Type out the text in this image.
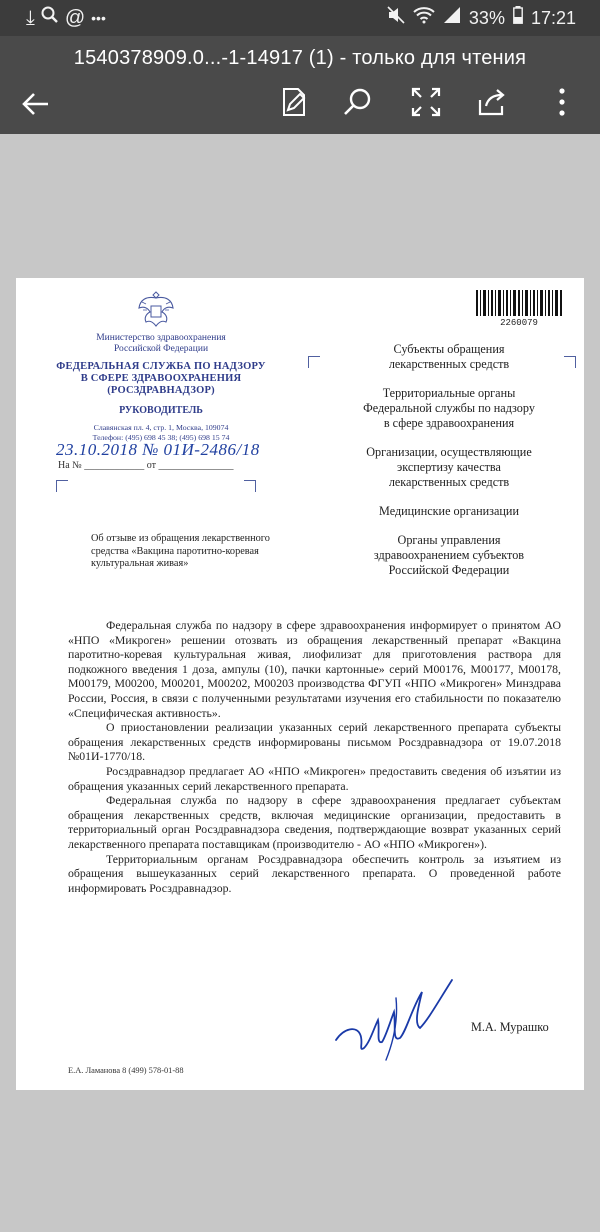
⤓ @ •••	33% 17:21
1540378909.0...-1-14917 (1) - только для чтения
Министерство здравоохранения
Российской Федерации
ФЕДЕРАЛЬНАЯ СЛУЖБА ПО НАДЗОРУ
В СФЕРЕ ЗДРАВООХРАНЕНИЯ
(РОСЗДРАВНАДЗОР)
РУКОВОДИТЕЛЬ
Славянская пл. 4, стр. 1, Москва, 109074
Телефон: (495) 698 45 38; (495) 698 15 74
23.10.2018 № 01И-2486/18
На № ____________ от _______________
2260079
Субъекты обращения
лекарственных средств
Территориальные органы
Федеральной службы по надзору
в сфере здравоохранения
Организации, осуществляющие
экспертизу качества
лекарственных средств
Медицинские организации
Органы управления
здравоохранением субъектов
Российской Федерации
Об отзыве из обращения лекарственного средства «Вакцина паротитно-коревая культуральная живая»

Федеральная служба по надзору в сфере здравоохранения информирует о принятом АО «НПО «Микроген» решении отозвать из обращения лекарственный препарат «Вакцина паротитно-коревая культуральная живая, лиофилизат для приготовления раствора для подкожного введения 1 доза, ампулы (10), пачки картонные» серий М00176, М00177, М00178, М00179, М00200, М00201, М00202, М00203 производства ФГУП «НПО «Микроген» Минздрава России, Россия, в связи с полученными результатами изучения его стабильности по показателю «Специфическая активность».

О приостановлении реализации указанных серий лекарственного препарата субъекты обращения лекарственных средств информированы письмом Росздравнадзора от 19.07.2018 №01И-1770/18.

Росздравнадзор предлагает АО «НПО «Микроген» предоставить сведения об изъятии из обращения указанных серий лекарственного препарата.

Федеральная служба по надзору в сфере здравоохранения предлагает субъектам обращения лекарственных средств, включая медицинские организации, предоставить в территориальный орган Росздравнадзора сведения, подтверждающие возврат указанных серий лекарственного препарата поставщикам (производителю - АО «НПО «Микроген»).

Территориальным органам Росздравнадзора обеспечить контроль за изъятием из обращения вышеуказанных серий лекарственного препарата. О проведенной работе информировать Росздравнадзор.

М.А. Мурашко
Е.А. Ламанова 8 (499) 578-01-88
